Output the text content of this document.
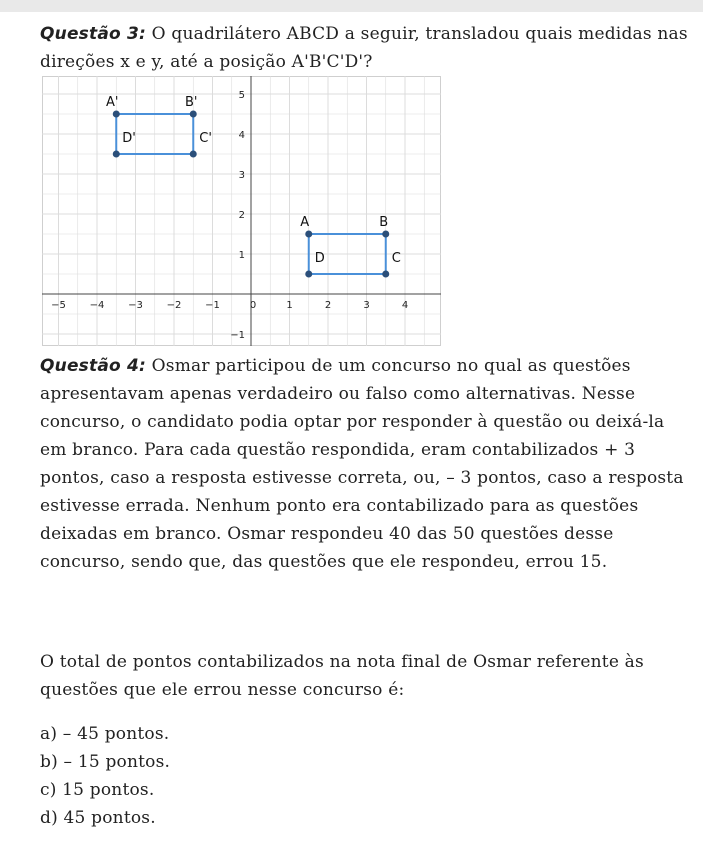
Questão 3: O quadrilátero ABCD a seguir, transladou quais medidas nas direções x e y, até a posição A'B'C'D'?
−5 −4 −3 −2 −1	0	1	2	3	4
5
4
3
2
1
−1
A	B
C
D
A'	B'
C'
D'
Questão 4: Osmar participou de um concurso no qual as questões apresentavam apenas verdadeiro ou falso como alternativas. Nesse concurso, o candidato podia optar por responder à questão ou deixá-la em branco. Para cada questão respondida, eram contabilizados + 3 pontos, caso a resposta estivesse correta, ou, – 3 pontos, caso a resposta estivesse errada. Nenhum ponto era contabilizado para as questões deixadas em branco. Osmar respondeu 40 das 50 questões desse concurso, sendo que, das questões que ele respondeu, errou 15.
O total de pontos contabilizados na nota final de Osmar referente às questões que ele errou nesse concurso é:
a) – 45 pontos.
b) – 15 pontos.
c) 15 pontos.
d) 45 pontos.
